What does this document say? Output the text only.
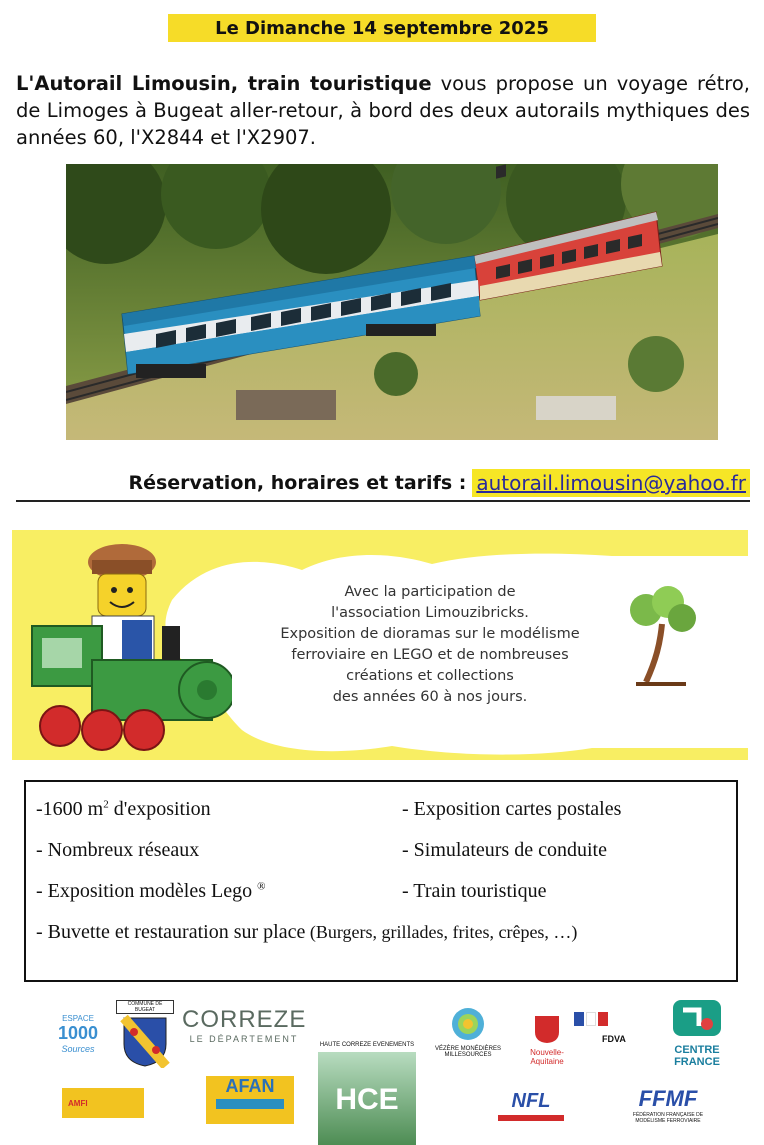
Le Dimanche 14 septembre 2025

L'Autorail Limousin, train touristique vous propose un voyage rétro, de Limoges à Bugeat aller-retour, à bord des deux autorails mythiques des années 60, l'X2844 et l'X2907.

Réservation, horaires et tarifs : autorail.limousin@yahoo.fr
Avec la participation de
l'association Limouzibricks.
Exposition de dioramas sur le modélisme
ferroviaire en LEGO et de nombreuses
créations et collections
des années 60 à nos jours.
-1600 $m^2$ d'exposition	- Exposition cartes postales
- Nombreux réseaux	- Simulateurs de conduite
- Exposition modèles Lego ®	- Train touristique
- Buvette et restauration sur place (Burgers, grillades, frites, crêpes, …)
ESPACE
1000
Sources
COMMUNE DE BUGEAT	CORREZE
LE DÉPARTEMENT
HAUTE CORREZE EVENEMENTS
HCE
VÉZÈRE MONÉDIÈRES MILLESOURCES	Nouvelle-Aquitaine
FDVA
CENTRE
FRANCE
AMFI
AFAN
NFL	FFMF
FÉDÉRATION FRANÇAISE DE MODÉLISME FERROVIAIRE
